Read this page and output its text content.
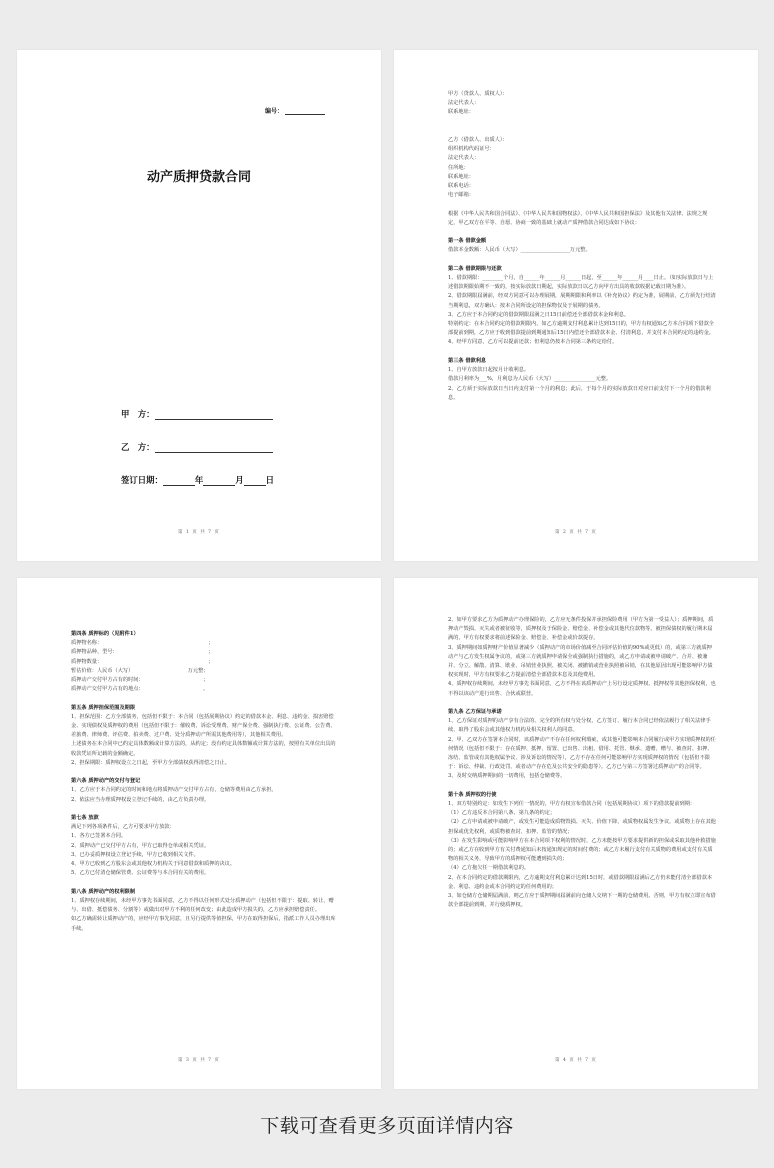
编号：
动产质押贷款合同
甲　方：
乙　方：
签订日期：	年	月	日
第 1 页 共 7 页
甲方（贷款人、质权人）：
法定代表人：
联系地址：

乙方（借款人、出质人）：
组织机构代码证号：
法定代表人：
住所地：
联系地址：
联系电话：
电子邮箱：

根据《中华人民共和国合同法》、《中华人民共和国物权法》、《中华人民共和国担保法》及其他有关法律、法规之规定，甲乙双方在平等、自愿、协商一致的基础上就动产质押借款合同达成如下协议：

第一条 借款金额
借款本金数额：人民币（大写）___________________万元整。

第二条 借款期限与还款
1、借款期限：________个月，自______年______月______日起，至______年______月____日止。（如实际放款日与上述借款期限始期不一致的，按实际放款日期起，实际放款日以乙方向甲方出具的收款收据记载日期为准）。
2、借款期限届满前，经双方同意可以办理展期，展期期限和利率以《补充协议》约定为准，展期前，乙方须先行结清当期利息，双方确认：按本合同所设定的担保物仅及于展期的债务。
3、乙方应于本合同约定的借款期限届满之日15日前偿还全部借款本金和利息。
特别约定：在本合同约定的借款期限内，如乙方逾期支付利息累计达到15日的，甲方有权通知乙方本合同项下借款全部提前到期，乙方应于收到借款提前到期通知后15日内偿还全部借款本金、付清利息，并支付本合同约定的违约金。
4、经甲方同意，乙方可以提前还款；但利息仍按本合同第三条约定给付。

第三条 借款利息
1、自甲方放款日起按月计收利息。
借款月利率为___%，月利息为人民币（大写）________________元整。
2、乙方须于实际放款日当日内支付第一个月的利息；此后，于每个月的实际放款日对应日前支付下一个月的借款利息。
第 2 页 共 7 页
第四条 质押标的（见附件1）
质押物名称：　　　　　　　　　　　　　　　　　　　　　；
质押物品种、型号：　　　　　　　　　　　　　　　　　　；
质押物数量：　　　　　　　　　　　　　　　　　　　　　；
暂估价值：人民币（大写）　　　　　　　　　　　万元整；
质押动产交付甲方占有的时间：　　　　　　　　　　　　；
质押动产交付甲方占有的地点：　　　　　　　　　　　　。

第五条 质押担保范围及期限
1、担保范围：乙方全部债务，包括但不限于：本合同（包括展期协议）约定的借款本金、利息、违约金、损害赔偿金、实现债权及质押权的费用（包括但不限于：催收费、诉讼受理费、财产保全费、强制执行费、公证费、公告费、差旅费、律师费、评估费、拍卖费、过户费、处分质押动产所需其他费用等），其他相关费用。
上述债务在本合同中已约定具体数额或计算方法的，从约定；没有约定具体数额或计算方法的，按照有关单位出具的收款凭证所记载的金额确定。
2、担保期限：质押权设立之日起，至甲方全部债权获得清偿之日止。

第六条 质押动产的交付与登记
1、乙方应于本合同约定的时间和地点将质押动产交付甲方占有，仓储等费用由乙方承担。
2、依法应当办理质押权设立登记手续的，由乙方负责办理。

第七条 放款
满足下列各项条件后，乙方可要求甲方放款：
1、各方已签署本合同。
2、质押动产已交付甲方占有，甲方已取得仓单或相关凭证。
3、已办妥质押权设立登记手续，甲方已收到相关文件。
4、甲方已收到乙方股东会或其他权力机构关于同意借款和质押的决议。
5、乙方已付清仓储保管费、公证费等与本合同有关的费用。

第八条 质押动产的权利限制
1、质押权存续期间，未经甲方事先书面同意，乙方不得以任何形式处分质押动产（包括但不限于：提取、转让、赠与、出借、抵偿债务、分割等）或做出对甲方不利的任何改变；由此造成甲方损失的，乙方应承担赔偿责任。
如乙方确需转让质押动产的，应经甲方事先同意，且另行提供等值担保，甲方在取得担保后，指派工作人员办理出库手续。
第 3 页 共 7 页
2、如甲方要求乙方为质押动产办理保险的，乙方应无条件投保并承担保险费用（甲方为第一受益人）；质押期间，质押动产毁损、灭失或者被征收等，质押权及于保险金、赔偿金、补偿金或其他代位款物等。被担保债权的履行期未届满的，甲方有权要求将前述保险金、赔偿金、补偿金或价款提存。
3、质押期间如质押财产价值显著减少（质押动产的市场价值减至合同评估价值的90%或更低）的，或第三方就质押动产与乙方发生权属争议的，或第三方就质押申请保全或强制执行措施的，或乙方申请或被申请破产、合并、被兼并、分立、解散、清算、歇业、吊销营业执照、被关闭、被撤销或营业执照被吊销，在其他原因出现可能影响甲方债权实现时，甲方有权要求乙方提前清偿全部借款本息及其他费用。
4、质押权存续期间，未经甲方事先书面同意，乙方不得在该质押动产上另行设定质押权、抵押权等其他担保权利，也不得以该动产进行出售、合伙或联营。

第九条 乙方保证与承诺
1、乙方保证对质押的动产享有合法的、完全的所有权与处分权，乙方签订、履行本合同已经依法履行了相关法律手续，取得了股东会或其他权力机构及相关权利人的同意。
2、甲、乙双方在签署本合同时，该质押动产不存在任何权利瑕疵，或其他可能影响本合同履行或甲方实现质押权的任何情况（包括但不限于：存在质押、抵押、留置、已出售、出租、借用、托管、继承、遗赠、赠与、被查封、扣押、冻结、监管或有其他权属争议、涉及诉讼的情况等），乙方不存在任何可能影响甲方实现质押权的情况（包括但不限于：诉讼、仲裁、行政处罚、或者动产存在危及公共安全的隐患等）。乙方已与第三方签署过质押动产的合同等。
3、及时交纳质押期间的一切费用，包括仓储费等。

第十条 质押权的行使
1、双方特别约定：如发生下列任一情况的，甲方有权宣布借款合同（包括展期协议）项下的借款提前到期：
（1）乙方违反本合同第八条、第九条的约定；
（2）乙方申请或被申请破产，或发生可能造成质物毁损、灭失、价值下降，或质物权属发生争议，或质物上存在其他担保或优先权利，或质物被查封、扣押、监管的情况；
（3）在发生影响或可能影响甲方在本合同项下权利的情况时，乙方未能按甲方要求提供新的担保或采取其他补救措施的；或乙方在收到甲方有关付费通知后未按通知规定的时间付费的；或乙方未履行支付有关质物的费用或支付有关质物的相关义务，导致甲方的质押权可能遭到损失的；
（4）乙方拖欠任一期借款利息的。
2、在本合同约定的借款期限内，乙方逾期支付利息累计达到15日时，或借款期限届满后乙方仍未能付清全部借款本金、利息、违约金或本合同约定的任何费用的；
3、如仓储方仓储期届满前，则乙方应于质押期间届满前向仓储人交纳下一期的仓储费用。否则，甲方有权立即宣布借款全部提前到期，并行使质押权。
第 4 页 共 7 页
下载可查看更多页面详情内容
